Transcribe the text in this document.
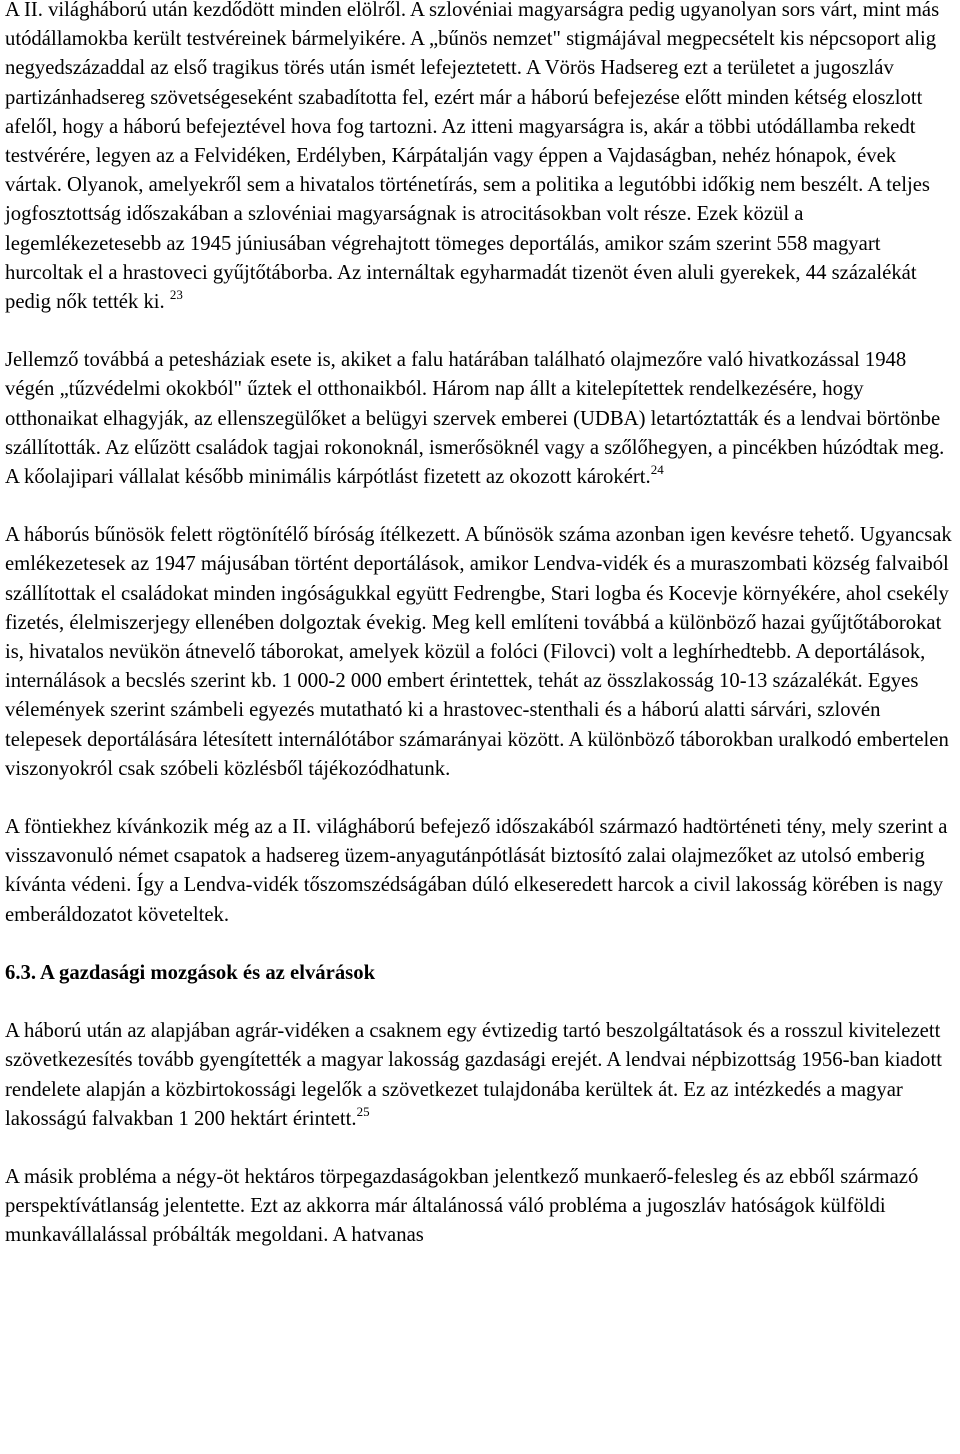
A II. világháború után kezdődött minden elölről. A szlovéniai magyarságra pedig ugyanolyan sors várt, mint más utódállamokba került testvéreinek bármelyikére. A „bűnös nemzet" stigmájával megpecsételt kis népcsoport alig negyedszázaddal az első tragikus törés után ismét lefejeztetett. A Vörös Hadsereg ezt a területet a jugoszláv partizánhadsereg szövetségeseként szabadította fel, ezért már a háború befejezése előtt minden kétség eloszlott afelől, hogy a háború befejeztével hova fog tartozni. Az itteni magyarságra is, akár a többi utódállamba rekedt testvérére, legyen az a Felvidéken, Erdélyben, Kárpátalján vagy éppen a Vajdaságban, nehéz hónapok, évek vártak. Olyanok, amelyekről sem a hivatalos történetírás, sem a politika a legutóbbi időkig nem beszélt. A teljes jogfosztottság időszakában a szlovéniai magyarságnak is atrocitásokban volt része. Ezek közül a legemlékezetesebb az 1945 júniusában végrehajtott tömeges deportálás, amikor szám szerint 558 magyart hurcoltak el a hrastoveci gyűjtőtáborba. Az internáltak egyharmadát tizenöt éven aluli gyerekek, 44 százalékát pedig nők tették ki. $^{23}$

Jellemző továbbá a petesháziak esete is, akiket a falu határában található olajmezőre való hivatkozással 1948 végén „tűzvédelmi okokból" űztek el otthonaikból. Három nap állt a kitelepítettek rendelkezésére, hogy otthonaikat elhagyják, az ellenszegülőket a belügyi szervek emberei (UDBA) letartóztatták és a lendvai börtönbe szállították. Az elűzött családok tagjai rokonoknál, ismerősöknél vagy a szőlőhegyen, a pincékben húzódtak meg. A kőolajipari vállalat később minimális kárpótlást fizetett az okozott károkért.$^{24}$

A háborús bűnösök felett rögtönítélő bíróság ítélkezett. A bűnösök száma azonban igen kevésre tehető. Ugyancsak emlékezetesek az 1947 májusában történt deportálások, amikor Lendva-vidék és a muraszombati község falvaiból szállítottak el családokat minden ingóságukkal együtt Fedrengbe, Stari logba és Kocevje környékére, ahol csekély fizetés, élelmiszerjegy ellenében dolgoztak évekig. Meg kell említeni továbbá a különböző hazai gyűjtőtáborokat is, hivatalos nevükön átnevelő táborokat, amelyek közül a folóci (Filovci) volt a leghírhedtebb. A deportálások, internálások a becslés szerint kb. 1 000-2 000 embert érintettek, tehát az összlakosság 10-13 százalékát. Egyes vélemények szerint számbeli egyezés mutatható ki a hrastovec-stenthali és a háború alatti sárvári, szlovén telepesek deportálására létesített internálótábor számarányai között. A különböző táborokban uralkodó embertelen viszonyokról csak szóbeli közlésből tájékozódhatunk.

A föntiekhez kívánkozik még az a II. világháború befejező időszakából származó hadtörténeti tény, mely szerint a visszavonuló német csapatok a hadsereg üzem-anyagutánpótlását biztosító zalai olajmezőket az utolsó emberig kívánta védeni. Így a Lendva-vidék tőszomszédságában dúló elkeseredett harcok a civil lakosság körében is nagy emberáldozatot követeltek.

6.3. A gazdasági mozgások és az elvárások

A háború után az alapjában agrár-vidéken a csaknem egy évtizedig tartó beszolgáltatások és a rosszul kivitelezett szövetkezesítés tovább gyengítették a magyar lakosság gazdasági erejét. A lendvai népbizottság 1956-ban kiadott rendelete alapján a közbirtokossági legelők a szövetkezet tulajdonába kerültek át. Ez az intézkedés a magyar lakosságú falvakban 1 200 hektárt érintett.$^{25}$

A másik probléma a négy-öt hektáros törpegazdaságokban jelentkező munkaerő-felesleg és az ebből származó perspektívátlanság jelentette. Ezt az akkorra már általánossá váló probléma a jugoszláv hatóságok külföldi munkavállalással próbálták megoldani. A hatvanas
